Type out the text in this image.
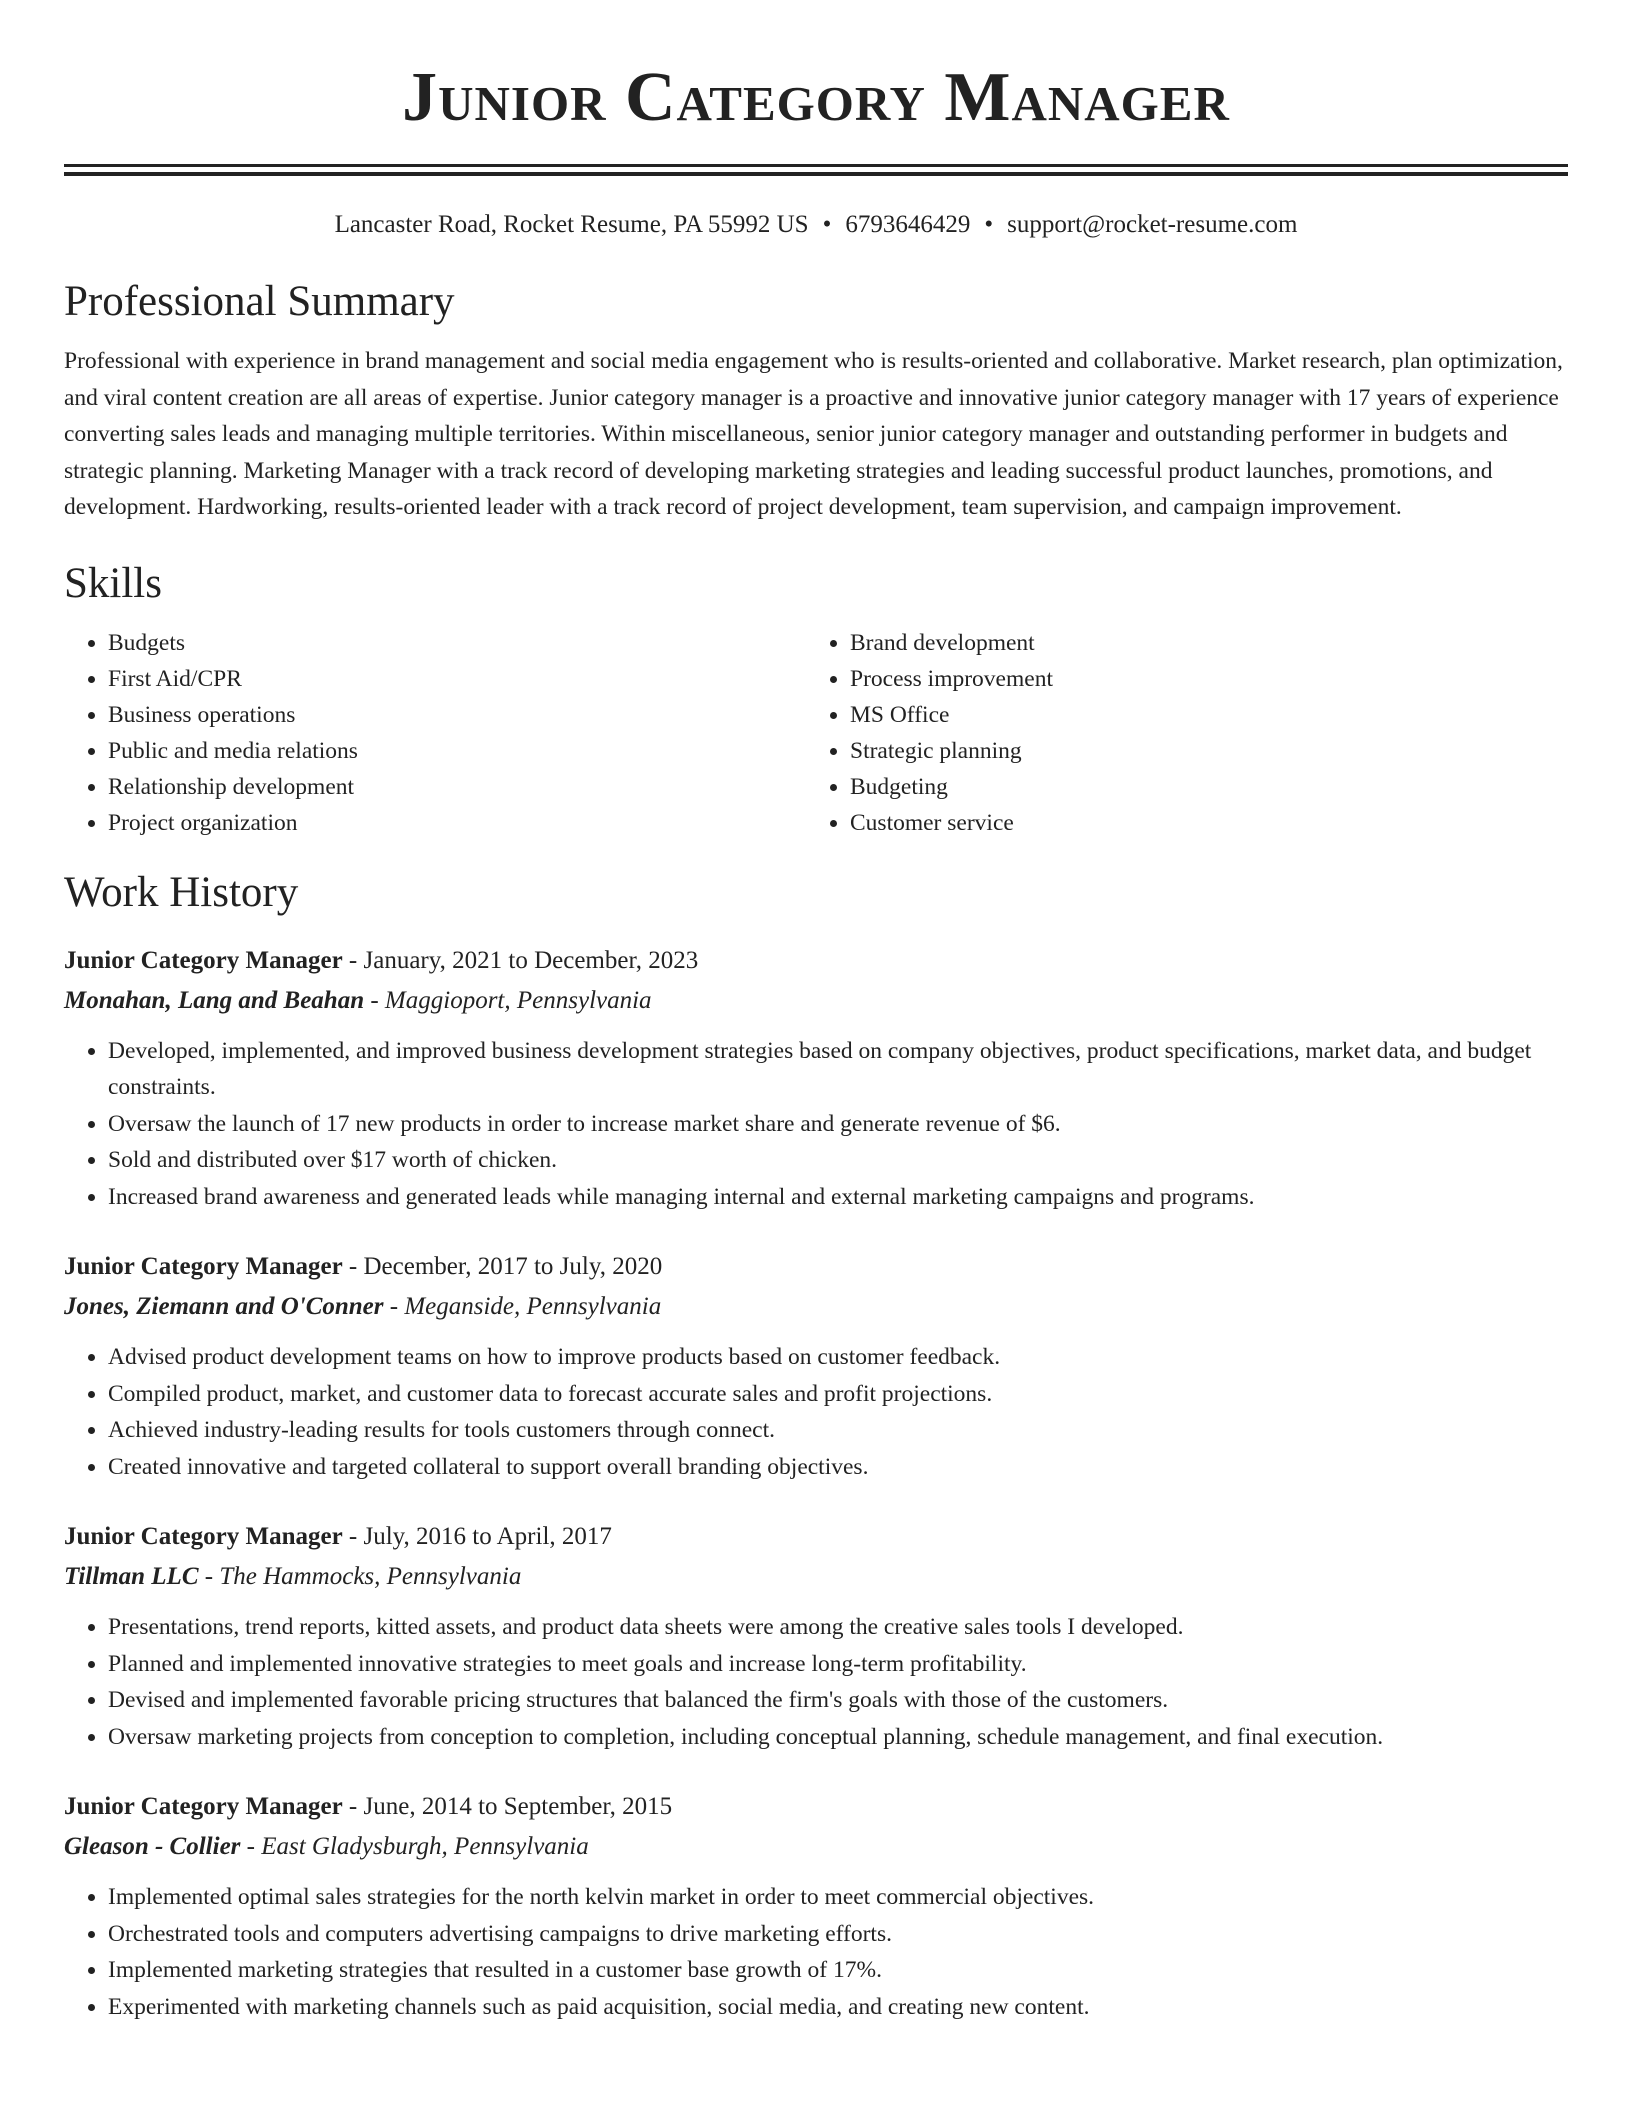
Junior Category Manager
Lancaster Road, Rocket Resume, PA 55992 US • 6793646429 • support@rocket-resume.com
Professional Summary

Professional with experience in brand management and social media engagement who is results-oriented and collaborative. Market research, plan optimization, and viral content creation are all areas of expertise. Junior category manager is a proactive and innovative junior category manager with 17 years of experience converting sales leads and managing multiple territories. Within miscellaneous, senior junior category manager and outstanding performer in budgets and strategic planning. Marketing Manager with a track record of developing marketing strategies and leading successful product launches, promotions, and development. Hardworking, results-oriented leader with a track record of project development, team supervision, and campaign improvement.

Skills
• Budgets
• First Aid/CPR
• Business operations
• Public and media relations
• Relationship development
• Project organization
• Brand development
• Process improvement
• MS Office
• Strategic planning
• Budgeting
• Customer service
Work History
Junior Category Manager - January, 2021 to December, 2023
Monahan, Lang and Beahan - Maggioport, Pennsylvania
• Developed, implemented, and improved business development strategies based on company objectives, product specifications, market data, and budget constraints.
• Oversaw the launch of 17 new products in order to increase market share and generate revenue of $6.
• Sold and distributed over $17 worth of chicken.
• Increased brand awareness and generated leads while managing internal and external marketing campaigns and programs.
Junior Category Manager - December, 2017 to July, 2020
Jones, Ziemann and O'Conner - Meganside, Pennsylvania
• Advised product development teams on how to improve products based on customer feedback.
• Compiled product, market, and customer data to forecast accurate sales and profit projections.
• Achieved industry-leading results for tools customers through connect.
• Created innovative and targeted collateral to support overall branding objectives.
Junior Category Manager - July, 2016 to April, 2017
Tillman LLC - The Hammocks, Pennsylvania
• Presentations, trend reports, kitted assets, and product data sheets were among the creative sales tools I developed.
• Planned and implemented innovative strategies to meet goals and increase long-term profitability.
• Devised and implemented favorable pricing structures that balanced the firm's goals with those of the customers.
• Oversaw marketing projects from conception to completion, including conceptual planning, schedule management, and final execution.
Junior Category Manager - June, 2014 to September, 2015
Gleason - Collier - East Gladysburgh, Pennsylvania
• Implemented optimal sales strategies for the north kelvin market in order to meet commercial objectives.
• Orchestrated tools and computers advertising campaigns to drive marketing efforts.
• Implemented marketing strategies that resulted in a customer base growth of 17%.
• Experimented with marketing channels such as paid acquisition, social media, and creating new content.
